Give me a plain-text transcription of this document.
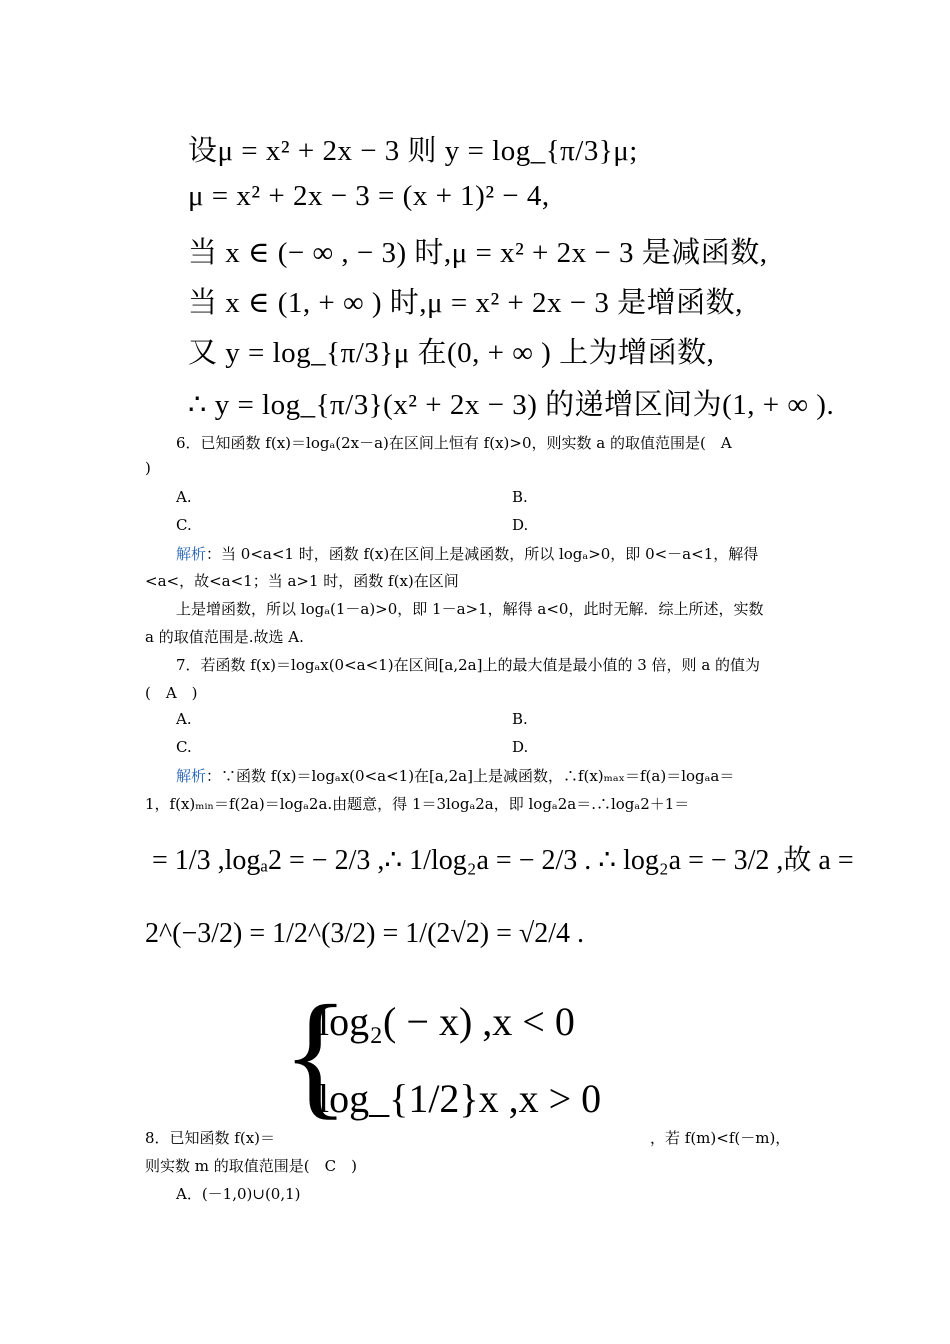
设μ = x² + 2x − 3 则 y = log_{π/3}μ;
μ = x² + 2x − 3 = (x + 1)² − 4,
当 x ∈ (− ∞ , − 3) 时,μ = x² + 2x − 3 是减函数,
当 x ∈ (1, + ∞ ) 时,μ = x² + 2x − 3 是增函数,
又 y = log_{π/3}μ 在(0, + ∞ ) 上为增函数,
∴ y = log_{π/3}(x² + 2x − 3) 的递增区间为(1, + ∞ ).
6．已知函数 f(x)＝logₐ(2x－a)在区间上恒有 f(x)>0，则实数 a 的取值范围是(　A
)
A.	B.
C.	D.
解析：当 0<a<1 时，函数 f(x)在区间上是减函数，所以 logₐ>0，即 0<－a<1，解得
<a<，故<a<1；当 a>1 时，函数 f(x)在区间
上是增函数，所以 logₐ(1－a)>0，即 1－a>1，解得 a<0，此时无解．综上所述，实数
a 的取值范围是.故选 A.
7．若函数 f(x)＝logₐx(0<a<1)在区间[a,2a]上的最大值是最小值的 3 倍，则 a 的值为
(　A　)
A.	B.
C.	D.
解析：∵函数 f(x)＝logₐx(0<a<1)在[a,2a]上是减函数，∴f(x)ₘₐₓ＝f(a)＝logₐa＝
1，f(x)ₘᵢₙ＝f(2a)＝logₐ2a.由题意，得 1＝3logₐ2a，即 logₐ2a＝.∴logₐ2＋1＝
= 1/3 ,logₐ2 = − 2/3 ,∴ 1/log₂a = − 2/3 . ∴ log₂a = − 3/2 ,故 a =
2^(−3/2) = 1/2^(3/2) = 1/(2√2) = √2/4 .
{
log₂( − x) ,x < 0
log_{1/2}x ,x > 0
8．已知函数 f(x)＝	，若 f(m)<f(－m)，
则实数 m 的取值范围是(　C　)
A．(－1,0)∪(0,1)
